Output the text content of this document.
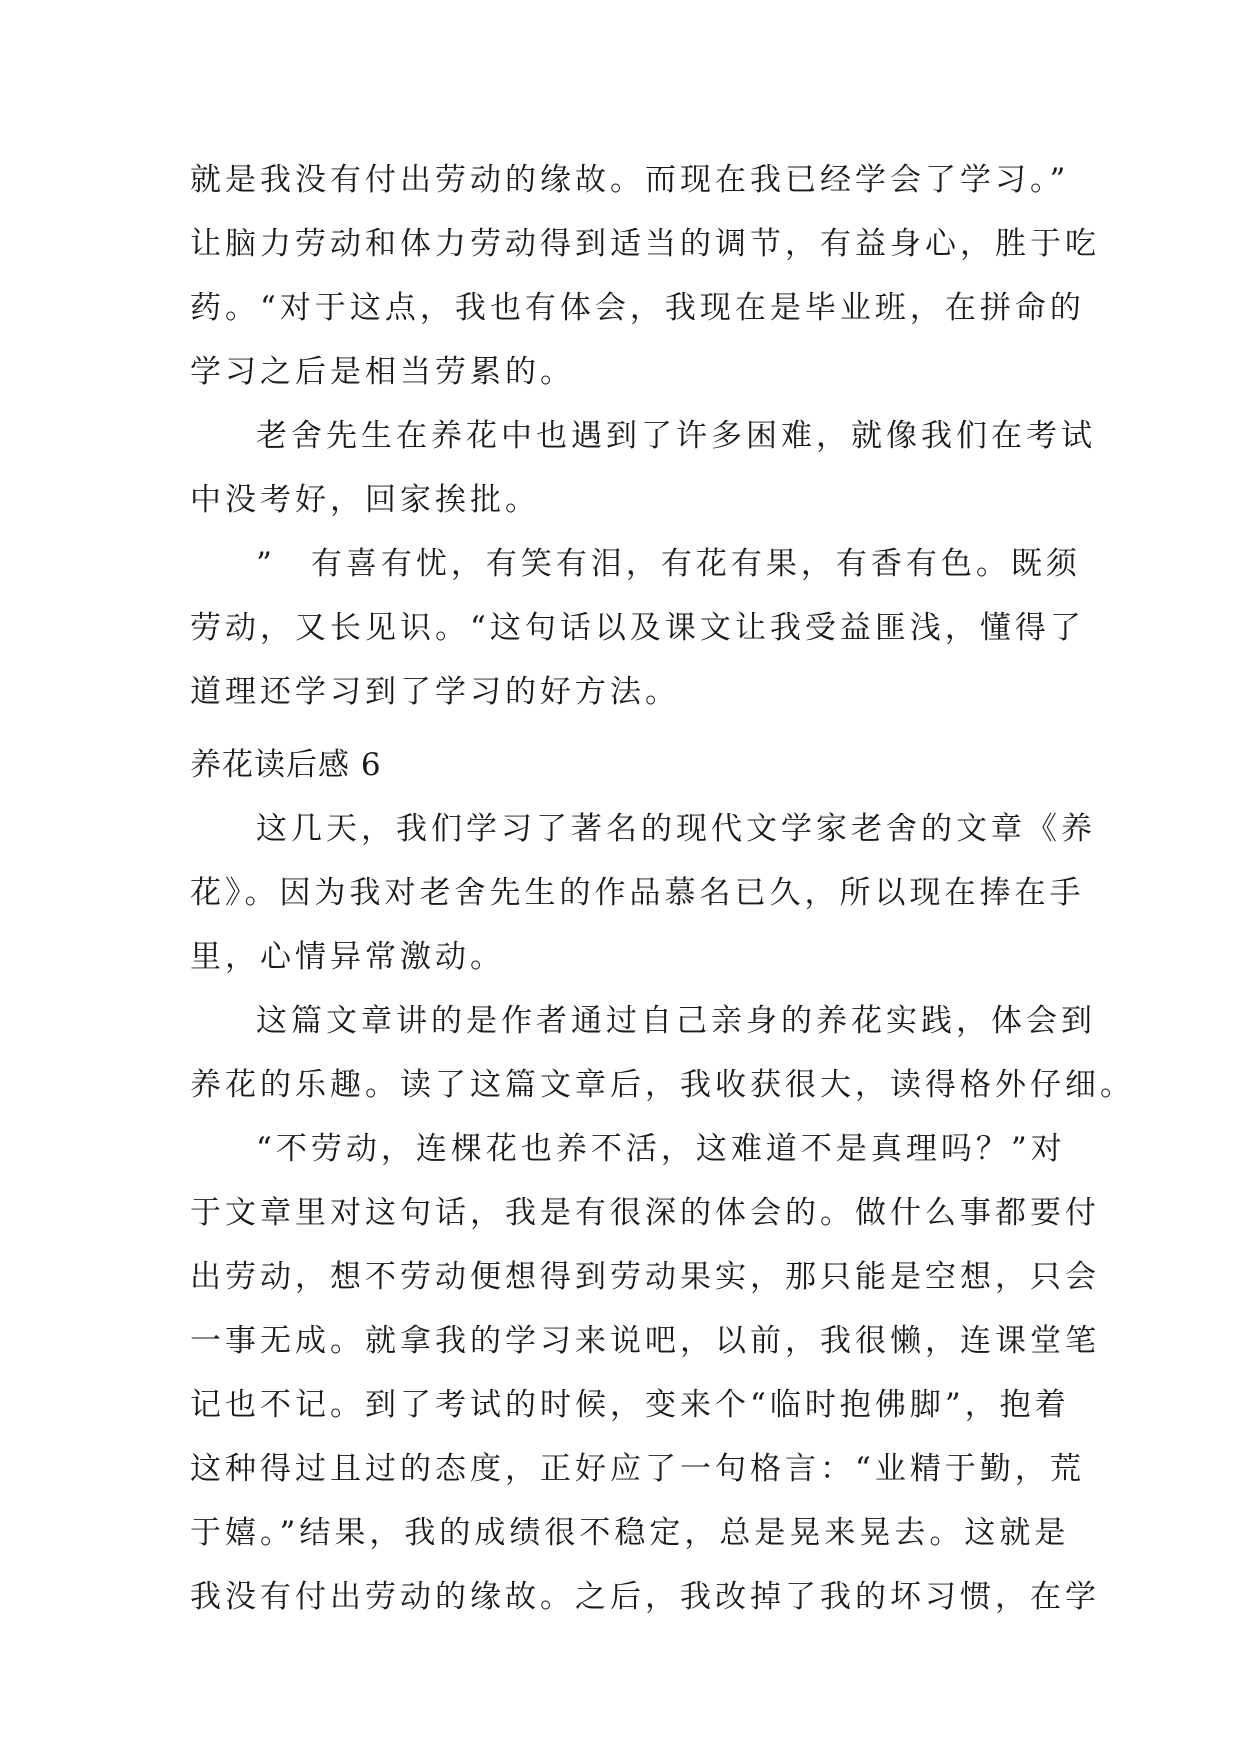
就是我没有付出劳动的缘故。而现在我已经学会了学习。”
让脑力劳动和体力劳动得到适当的调节，有益身心，胜于吃
药。“对于这点，我也有体会，我现在是毕业班，在拼命的
学习之后是相当劳累的。
老舍先生在养花中也遇到了许多困难，就像我们在考试
中没考好，回家挨批。
”　有喜有忧，有笑有泪，有花有果，有香有色。既须
劳动，又长见识。“这句话以及课文让我受益匪浅，懂得了
道理还学习到了学习的好方法。
养花读后感 6
这几天，我们学习了著名的现代文学家老舍的文章《养
花》。因为我对老舍先生的作品慕名已久，所以现在捧在手
里，心情异常激动。
这篇文章讲的是作者通过自己亲身的养花实践，体会到
养花的乐趣。读了这篇文章后，我收获很大，读得格外仔细。
“不劳动，连棵花也养不活，这难道不是真理吗？”对
于文章里对这句话，我是有很深的体会的。做什么事都要付
出劳动，想不劳动便想得到劳动果实，那只能是空想，只会
一事无成。就拿我的学习来说吧，以前，我很懒，连课堂笔
记也不记。到了考试的时候，变来个“临时抱佛脚”，抱着
这种得过且过的态度，正好应了一句格言：“业精于勤，荒
于嬉。”结果，我的成绩很不稳定，总是晃来晃去。这就是
我没有付出劳动的缘故。之后，我改掉了我的坏习惯，在学
